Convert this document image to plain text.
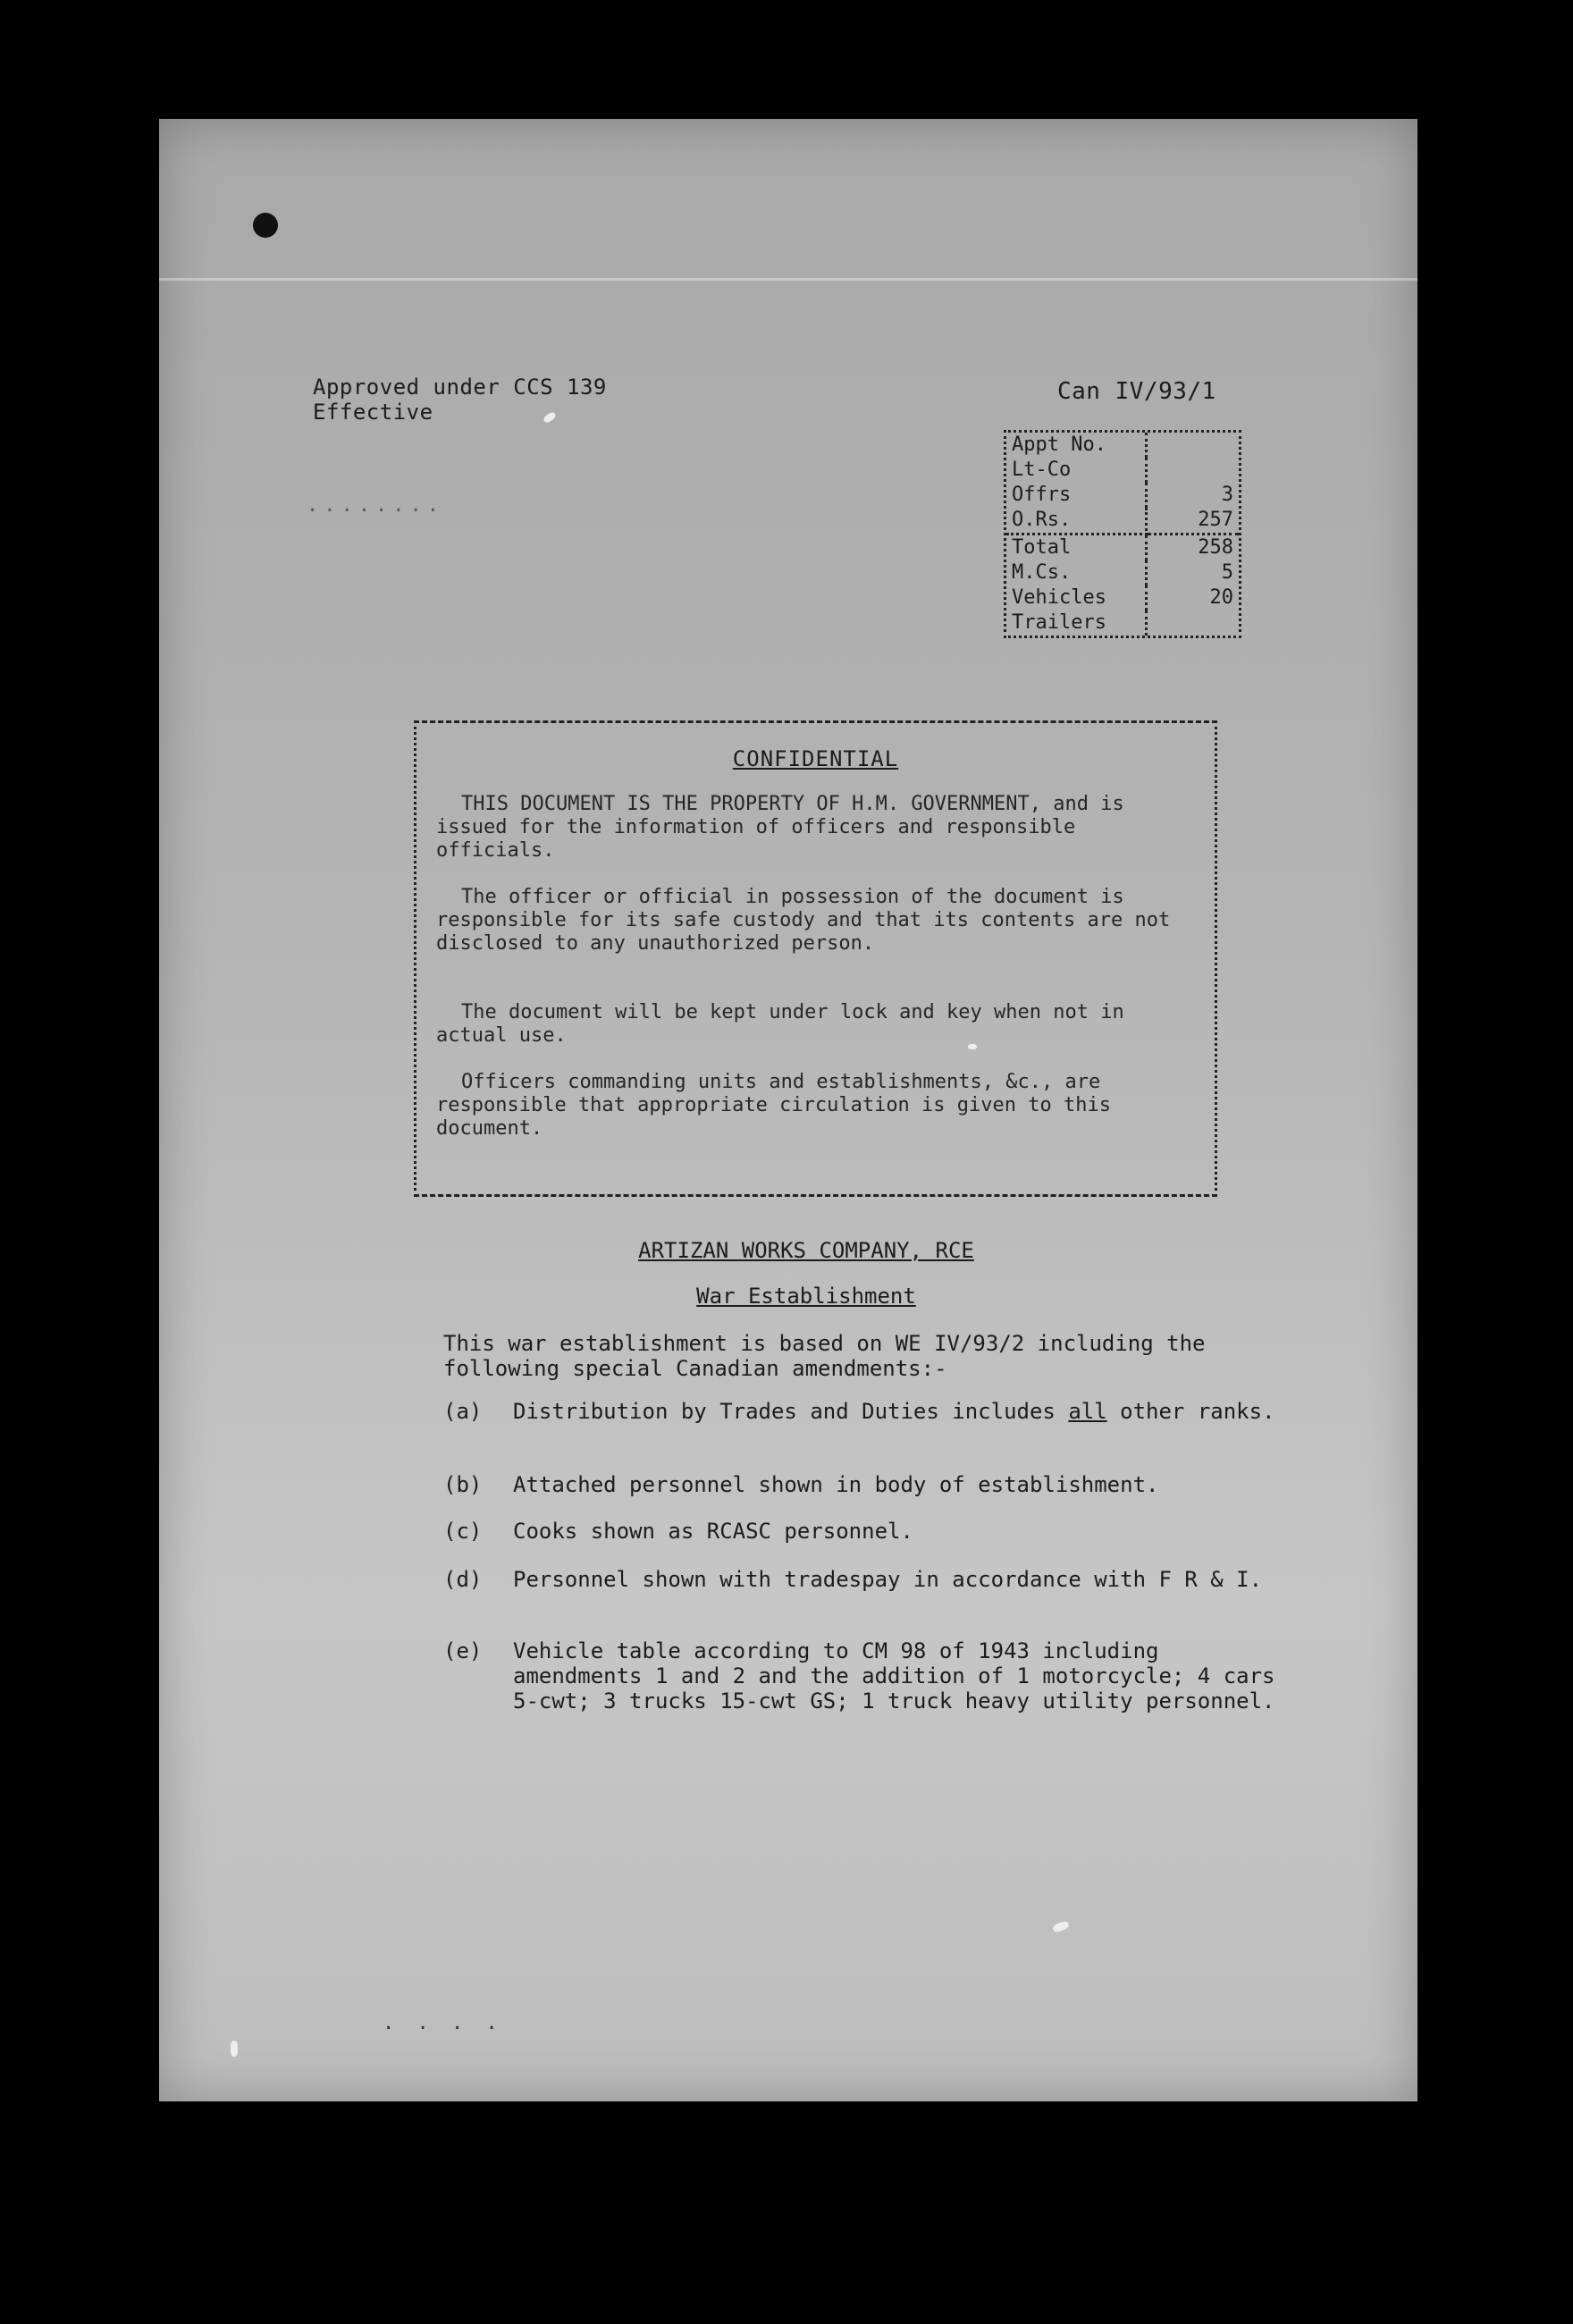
Approved under CCS 139
Effective
Can IV/93/1
........
Appt No.	
Lt-Co	
Offrs	3
O.Rs.	257
Total	258
M.Cs.	5
Vehicles	20
Trailers	
CONFIDENTIAL
THIS DOCUMENT IS THE PROPERTY OF H.M. GOVERNMENT, and is issued for the information of officers and responsible officials.
The officer or official in possession of the document is responsible for its safe custody and that its contents are not disclosed to any unauthorized person.
The document will be kept under lock and key when not in actual use.
Officers commanding units and establishments, &c., are responsible that appropriate circulation is given to this document.
ARTIZAN WORKS COMPANY, RCE
War Establishment
This war establishment is based on WE IV/93/2 including the following special Canadian amendments:-
(a)	Distribution by Trades and Duties includes all other ranks.
(b)	Attached personnel shown in body of establishment.
(c)	Cooks shown as RCASC personnel.
(d)	Personnel shown with tradespay in accordance with F R & I.
(e)	Vehicle table according to CM 98 of 1943 including amendments 1 and 2 and the addition of 1 motorcycle; 4 cars 5-cwt; 3 trucks 15-cwt GS; 1 truck heavy utility personnel.
. . . .
